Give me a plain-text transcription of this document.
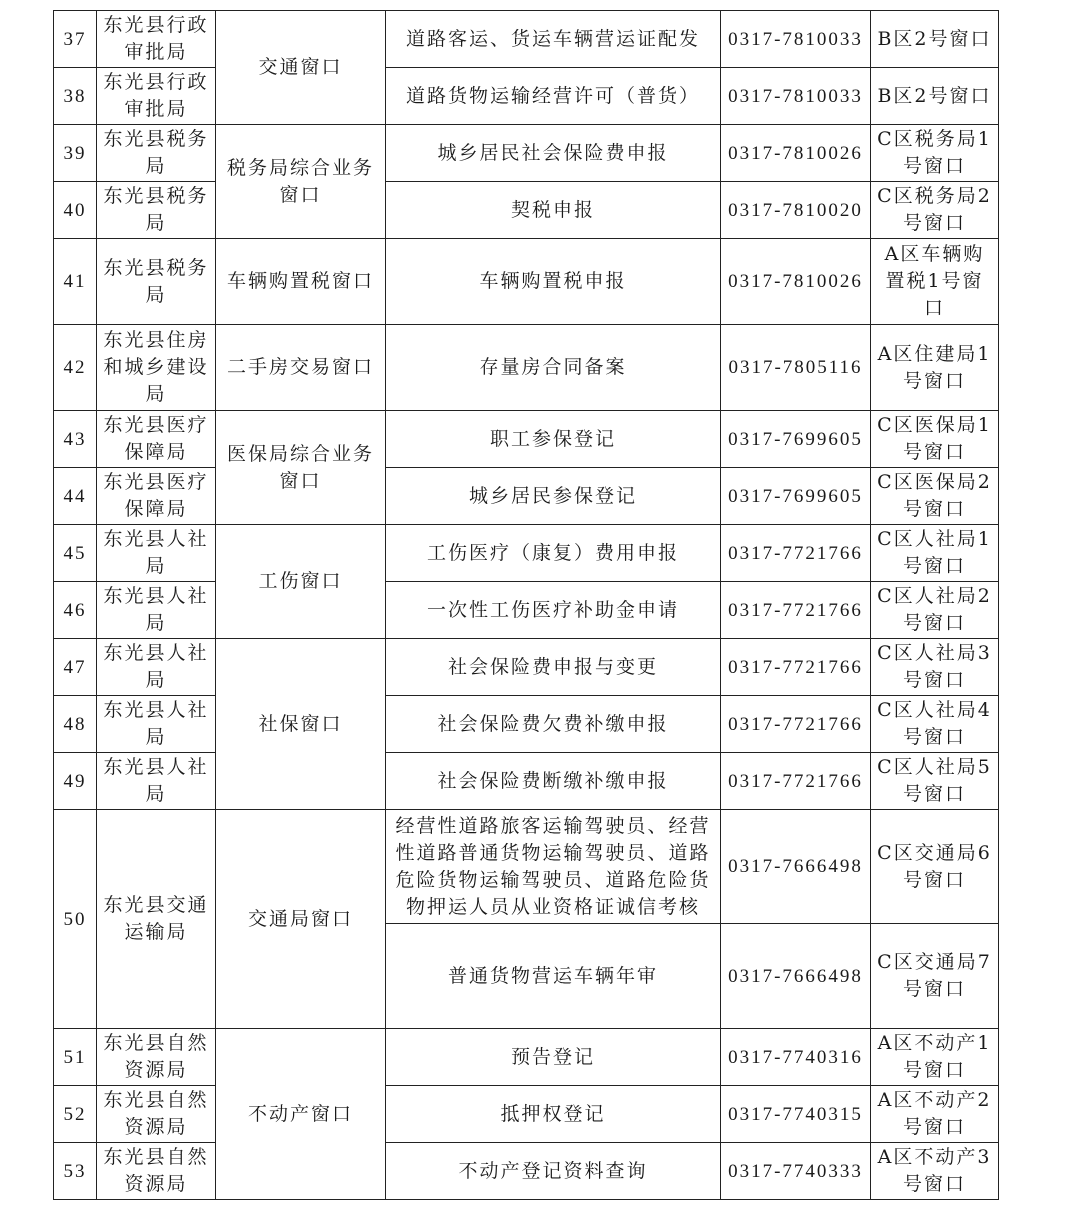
37	东光县行政审批局	交通窗口	道路客运、货运车辆营运证配发	0317-7810033	B区2号窗口
38	东光县行政审批局		道路货物运输经营许可（普货）	0317-7810033	B区2号窗口
39	东光县税务局	税务局综合业务窗口	城乡居民社会保险费申报	0317-7810026	C区税务局1号窗口
40	东光县税务局		契税申报	0317-7810020	C区税务局2号窗口
41	东光县税务局	车辆购置税窗口	车辆购置税申报	0317-7810026	A区车辆购置税1号窗口
42	东光县住房和城乡建设局	二手房交易窗口	存量房合同备案	0317-7805116	A区住建局1号窗口
43	东光县医疗保障局	医保局综合业务窗口	职工参保登记	0317-7699605	C区医保局1号窗口
44	东光县医疗保障局		城乡居民参保登记	0317-7699605	C区医保局2号窗口
45	东光县人社局	工伤窗口	工伤医疗（康复）费用申报	0317-7721766	C区人社局1号窗口
46	东光县人社局		一次性工伤医疗补助金申请	0317-7721766	C区人社局2号窗口
47	东光县人社局	社保窗口	社会保险费申报与变更	0317-7721766	C区人社局3号窗口
48	东光县人社局		社会保险费欠费补缴申报	0317-7721766	C区人社局4号窗口
49	东光县人社局		社会保险费断缴补缴申报	0317-7721766	C区人社局5号窗口
50	东光县交通运输局	交通局窗口	经营性道路旅客运输驾驶员、经营性道路普通货物运输驾驶员、道路危险货物运输驾驶员、道路危险货物押运人员从业资格证诚信考核	0317-7666498	C区交通局6号窗口
			普通货物营运车辆年审	0317-7666498	C区交通局7号窗口
51	东光县自然资源局	不动产窗口	预告登记	0317-7740316	A区不动产1号窗口
52	东光县自然资源局		抵押权登记	0317-7740315	A区不动产2号窗口
53	东光县自然资源局		不动产登记资料查询	0317-7740333	A区不动产3号窗口
